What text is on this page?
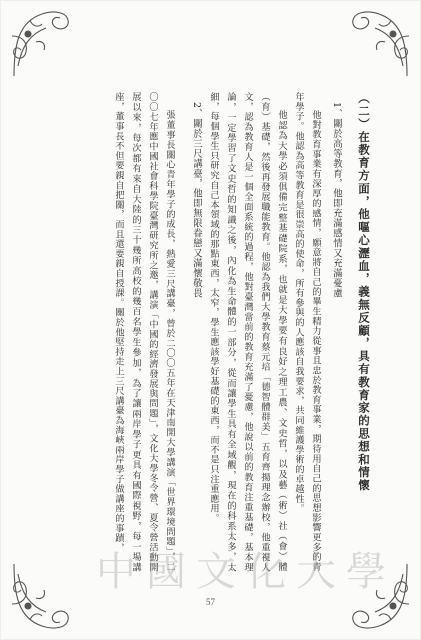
（二）在教育方面，他嘔心瀝血，義無反顧，具有教育家的思想和情懷

1、關於高等教育，他即充滿感情又充滿憂慮

他對教育事業有深厚的感情，願意將自己的畢生精力從事且忠於教育事業，期待用自己的思想影響更多的青年學子。他認為高等教育是很崇高的使命，所有參與的人應該自我要求，共同維護學術的卓越性。

他認為大學必須俱備完整基礎院系，也就是大學要有良好之理工農、文史哲，以及藝（術）社（會）體（育）基礎，然後再發展職能教育。他認為我們大學教育蔡元培「德智體群美」五育齊揚理念辦校，他重視人文，認為教育人是一個全面系統的過程，他對臺灣當前的教育充滿了憂慮，他說以前的教育注重基礎，基本理論，一定學習了文史哲的知識之後，內化為生命體的一部分，從而讓學生具有全域觀，現在的科系太多，太細，每個學生只研究自己本領域的那點東西，太窄，學生應該學好基礎的東西，而不是只注重應用。

2、關於三尺講臺，他即無限眷戀又滿懷敬畏

張董事長關心青年學子的成長，熱愛三尺講臺，曾於二〇〇五年在天津南開大學講演「世界環境問題」，二〇〇七年應中國社會科學院臺灣研究所之邀，講演「中國的經濟發展與問題」，文化大學冬令營、夏令營活動開展以來，每次都有來自大陸的三十幾所高校的幾百名學生參加，為了讓兩岸學子更具有國際視野，每一場講座，董事長不但要親自把關，而且還要親自授課。關於他堅持走上三尺講臺為海峽兩岸學子做講座的事蹟，

中國文化大學
57
